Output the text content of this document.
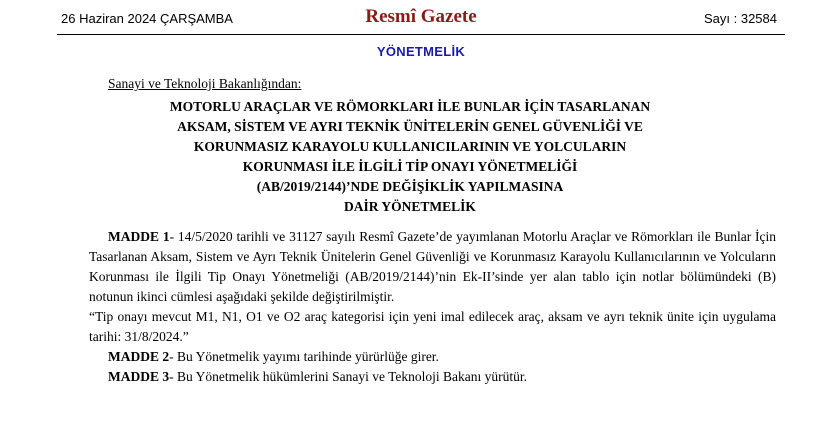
26 Haziran 2024 ÇARŞAMBA	Resmî Gazete	Sayı : 32584
YÖNETMELİK
Sanayi ve Teknoloji Bakanlığından:
MOTORLU ARAÇLAR VE RÖMORKLARI İLE BUNLAR İÇİN TASARLANAN
AKSAM, SİSTEM VE AYRI TEKNİK ÜNİTELERİN GENEL GÜVENLİĞİ VE
KORUNMASIZ KARAYOLU KULLANICILARININ VE YOLCULARIN
KORUNMASI İLE İLGİLİ TİP ONAYI YÖNETMELİĞİ
(AB/2019/2144)’NDE DEĞİŞİKLİK YAPILMASINA
DAİR YÖNETMELİK

MADDE 1- 14/5/2020 tarihli ve 31127 sayılı Resmî Gazete’de yayımlanan Motorlu Araçlar ve Römorkları ile Bunlar İçin Tasarlanan Aksam, Sistem ve Ayrı Teknik Ünitelerin Genel Güvenliği ve Korunmasız Karayolu Kullanıcılarının ve Yolcuların Korunması ile İlgili Tip Onayı Yönetmeliği (AB/2019/2144)’nin Ek-II’sinde yer alan tablo için notlar bölümündeki (B) notunun ikinci cümlesi aşağıdaki şekilde değiştirilmiştir.

“Tip onayı mevcut M1, N1, O1 ve O2 araç kategorisi için yeni imal edilecek araç, aksam ve ayrı teknik ünite için uygulama tarihi: 31/8/2024.”

MADDE 2- Bu Yönetmelik yayımı tarihinde yürürlüğe girer.

MADDE 3- Bu Yönetmelik hükümlerini Sanayi ve Teknoloji Bakanı yürütür.
